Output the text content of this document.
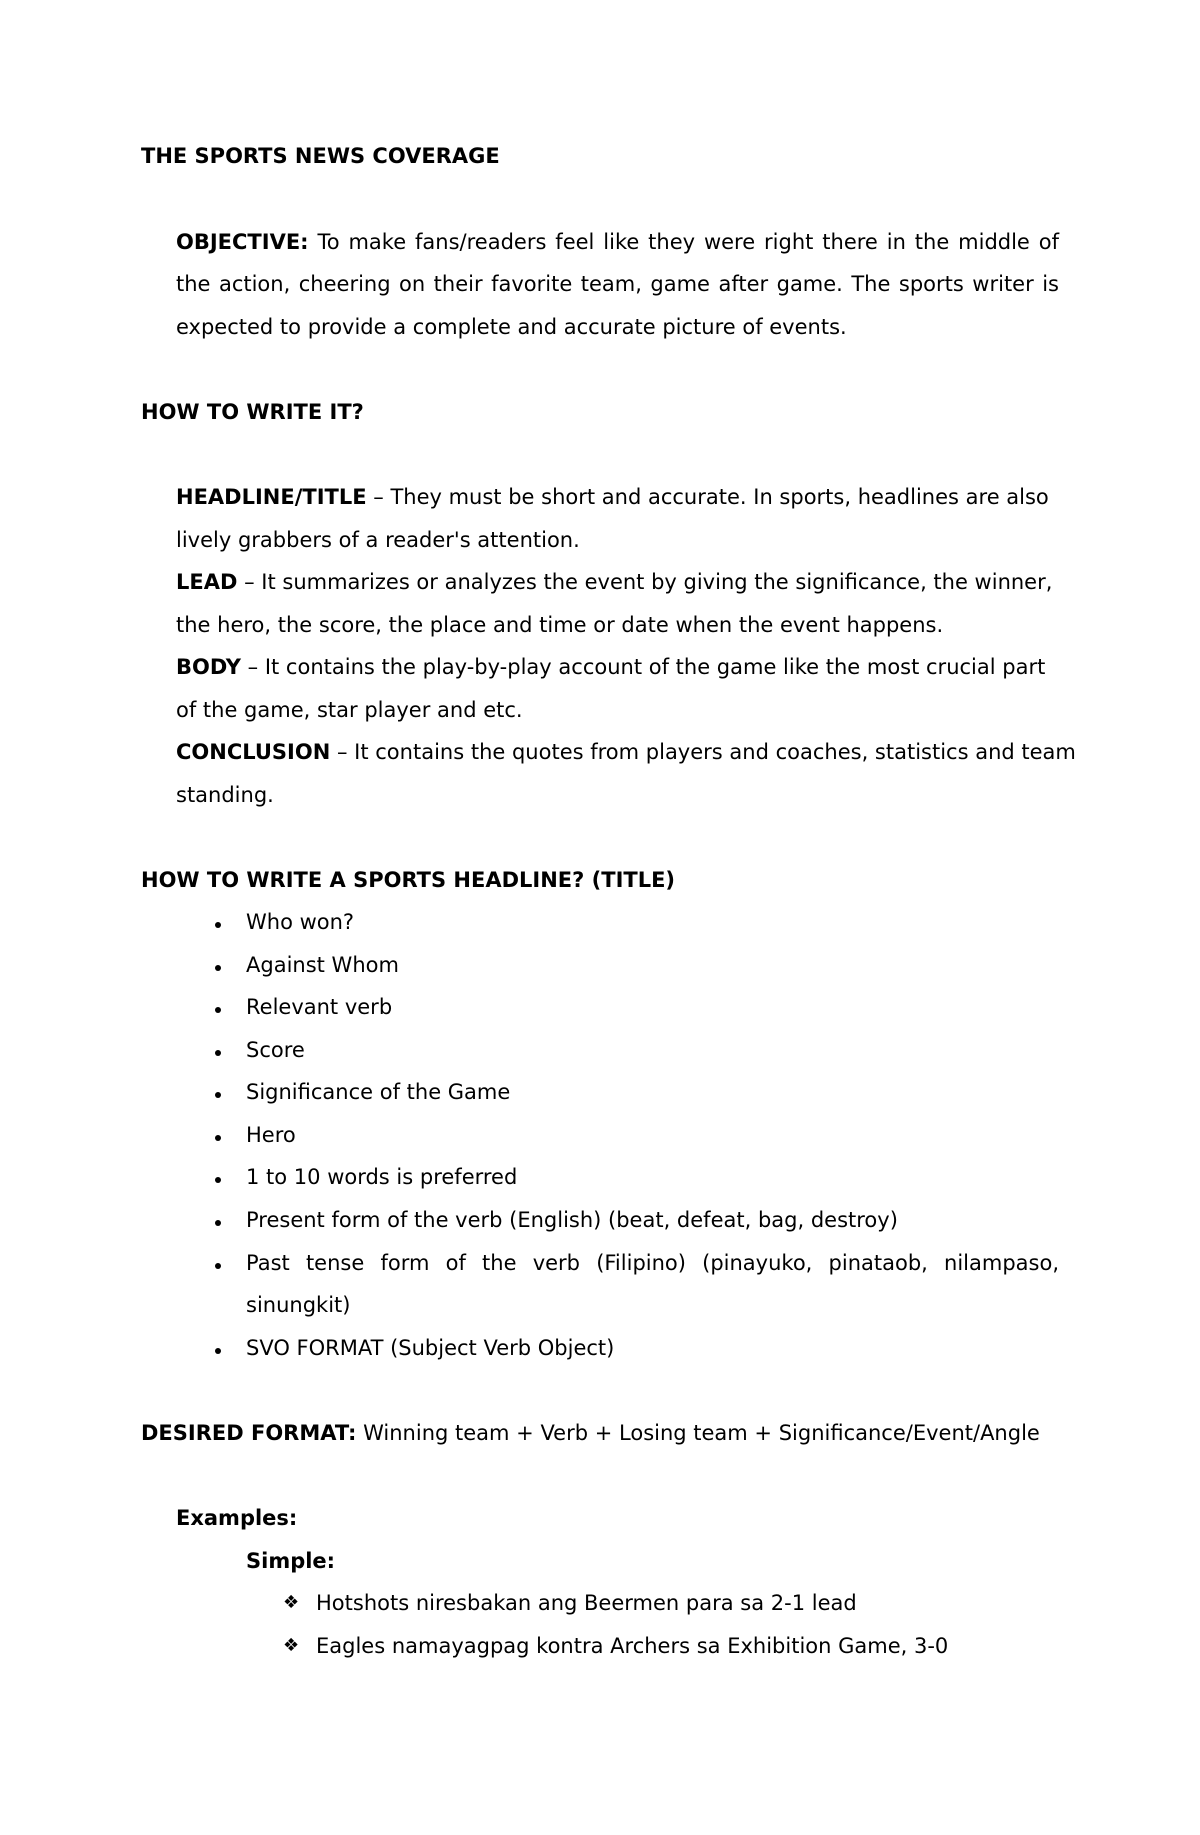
THE SPORTS NEWS COVERAGE
OBJECTIVE: To make fans/readers feel like they were right there in the middle of
the action, cheering on their favorite team, game after game. The sports writer is
expected to provide a complete and accurate picture of events.
HOW TO WRITE IT?
HEADLINE/TITLE – They must be short and accurate. In sports, headlines are also
lively grabbers of a reader's attention.
LEAD – It summarizes or analyzes the event by giving the significance, the winner,
the hero, the score, the place and time or date when the event happens.
BODY – It contains the play-by-play account of the game like the most crucial part
of the game, star player and etc.
CONCLUSION – It contains the quotes from players and coaches, statistics and team
standing.
HOW TO WRITE A SPORTS HEADLINE? (TITLE)
Who won?
Against Whom
Relevant verb
Score
Significance of the Game
Hero
1 to 10 words is preferred
Present form of the verb (English) (beat, defeat, bag, destroy)
Past tense form of the verb (Filipino) (pinayuko, pinataob, nilampaso,
sinungkit)
SVO FORMAT (Subject Verb Object)
DESIRED FORMAT: Winning team + Verb + Losing team + Significance/Event/Angle
Examples:
Simple:
❖ Hotshots niresbakan ang Beermen para sa 2-1 lead
❖ Eagles namayagpag kontra Archers sa Exhibition Game, 3-0
